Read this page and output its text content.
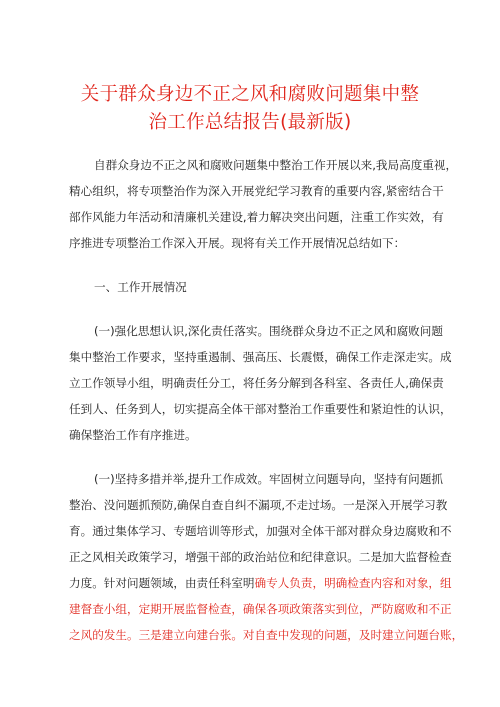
关于群众身边不正之风和腐败问题集中整
治工作总结报告(最新版)
自群众身边不正之风和腐败问题集中整治工作开展以来,我局高度重视，
精心组织，将专项整治作为深入开展党纪学习教育的重要内容,紧密结合干
部作风能力年活动和清廉机关建设,着力解决突出问题，注重工作实效，有
序推进专项整治工作深入开展。现将有关工作开展情况总结如下：
一、工作开展情况
(一)强化思想认识,深化责任落实。围绕群众身边不正之风和腐败问题
集中整治工作要求，坚持重遏制、强高压、长震慑，确保工作走深走实。成
立工作领导小组，明确责任分工，将任务分解到各科室、各责任人,确保责
任到人、任务到人，切实提高全体干部对整治工作重要性和紧迫性的认识，
确保整治工作有序推进。
(一)坚持多措并举,提升工作成效。牢固树立问题导向，坚持有问题抓
整治、没问题抓预防,确保自查自纠不漏项,不走过场。一是深入开展学习教
育。通过集体学习、专题培训等形式，加强对全体干部对群众身边腐败和不
正之风相关政策学习，增强干部的政治站位和纪律意识。二是加大监督检查
力度。针对问题领域，由责任科室明确专人负责，明确检查内容和对象，组
建督查小组，定期开展监督检查，确保各项政策落实到位，严防腐败和不正
之风的发生。三是建立向建台张。对自查中发现的问题，及时建立问题台账，
